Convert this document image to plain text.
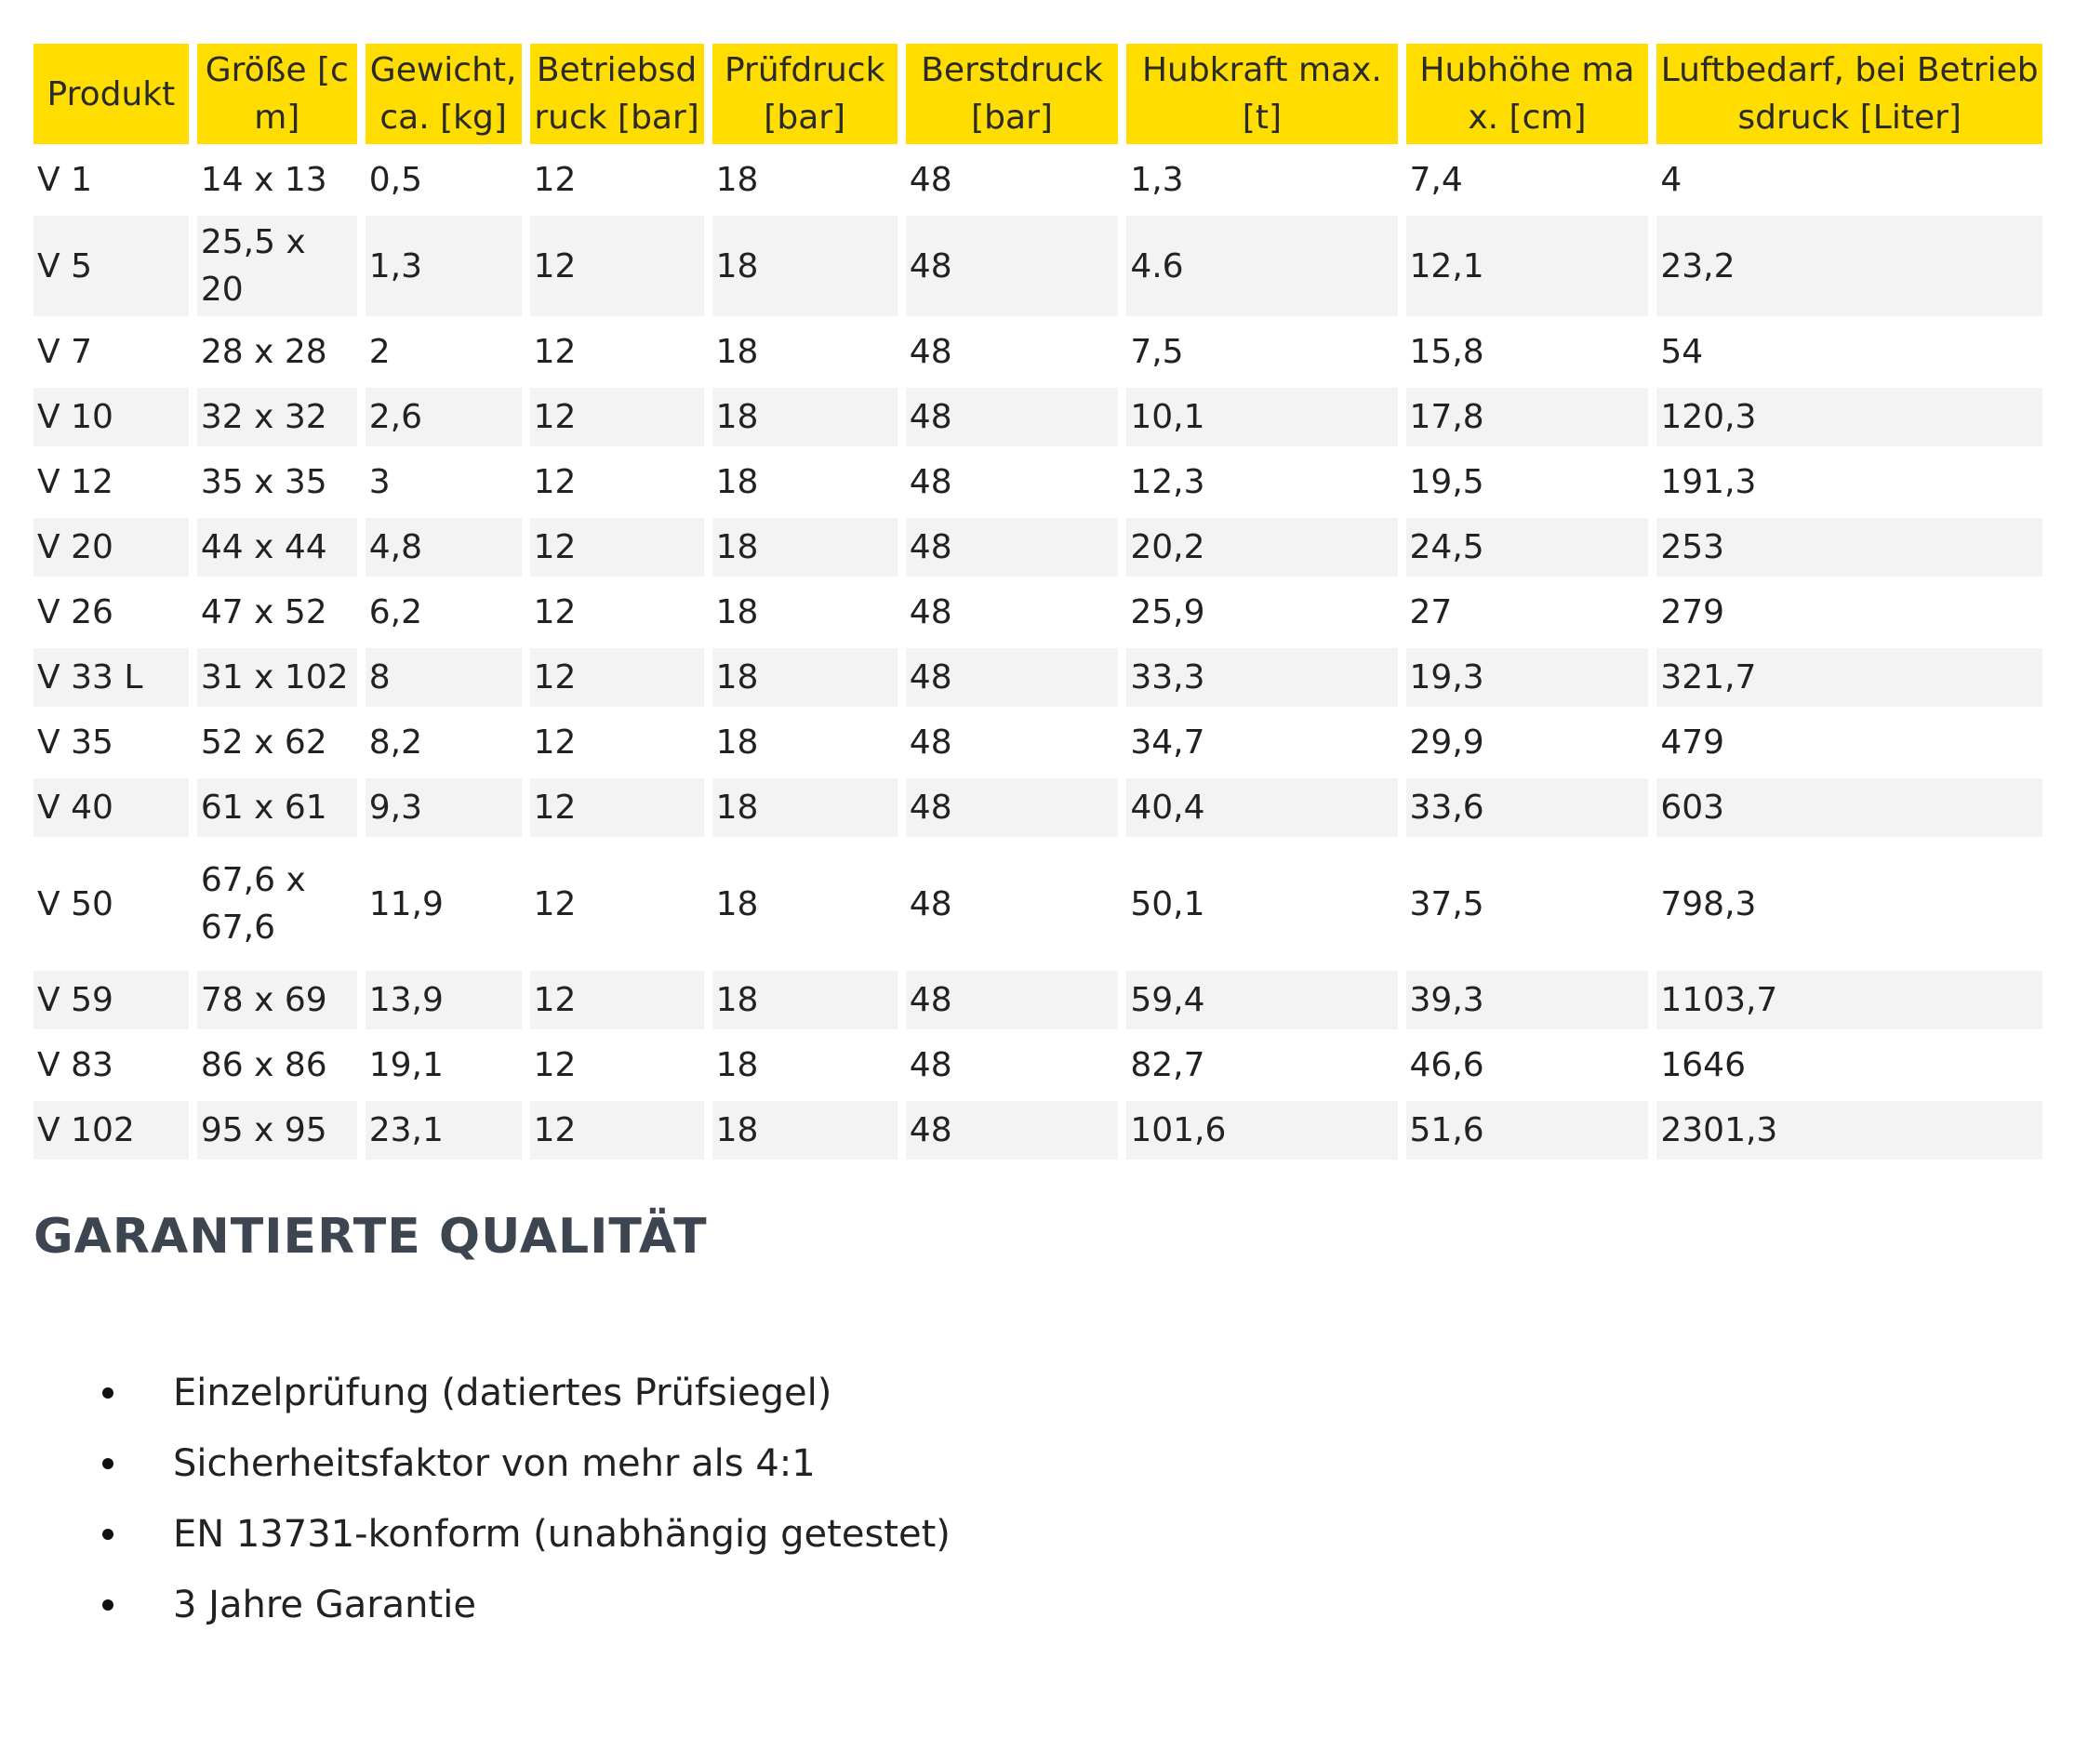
Produkt	Größe [cm]	Gewicht, ca. [kg]	Betriebsdruck [bar]	Prüfdruck [bar]	Berstdruck [bar]	Hubkraft max. [t]	Hubhöhe max. [cm]	Luftbedarf, bei Betriebsdruck [Liter]
V 1	14 x 13	0,5	12	18	48	1,3	7,4	4
V 5	25,5 x 20	1,3	12	18	48	4.6	12,1	23,2
V 7	28 x 28	2	12	18	48	7,5	15,8	54
V 10	32 x 32	2,6	12	18	48	10,1	17,8	120,3
V 12	35 x 35	3	12	18	48	12,3	19,5	191,3
V 20	44 x 44	4,8	12	18	48	20,2	24,5	253
V 26	47 x 52	6,2	12	18	48	25,9	27	279
V 33 L	31 x 102	8	12	18	48	33,3	19,3	321,7
V 35	52 x 62	8,2	12	18	48	34,7	29,9	479
V 40	61 x 61	9,3	12	18	48	40,4	33,6	603
V 50	67,6 x 67,6	11,9	12	18	48	50,1	37,5	798,3
V 59	78 x 69	13,9	12	18	48	59,4	39,3	1103,7
V 83	86 x 86	19,1	12	18	48	82,7	46,6	1646
V 102	95 x 95	23,1	12	18	48	101,6	51,6	2301,3
GARANTIERTE QUALITÄT
Einzelprüfung (datiertes Prüfsiegel)
Sicherheitsfaktor von mehr als 4:1
EN 13731-konform (unabhängig getestet)
3 Jahre Garantie
